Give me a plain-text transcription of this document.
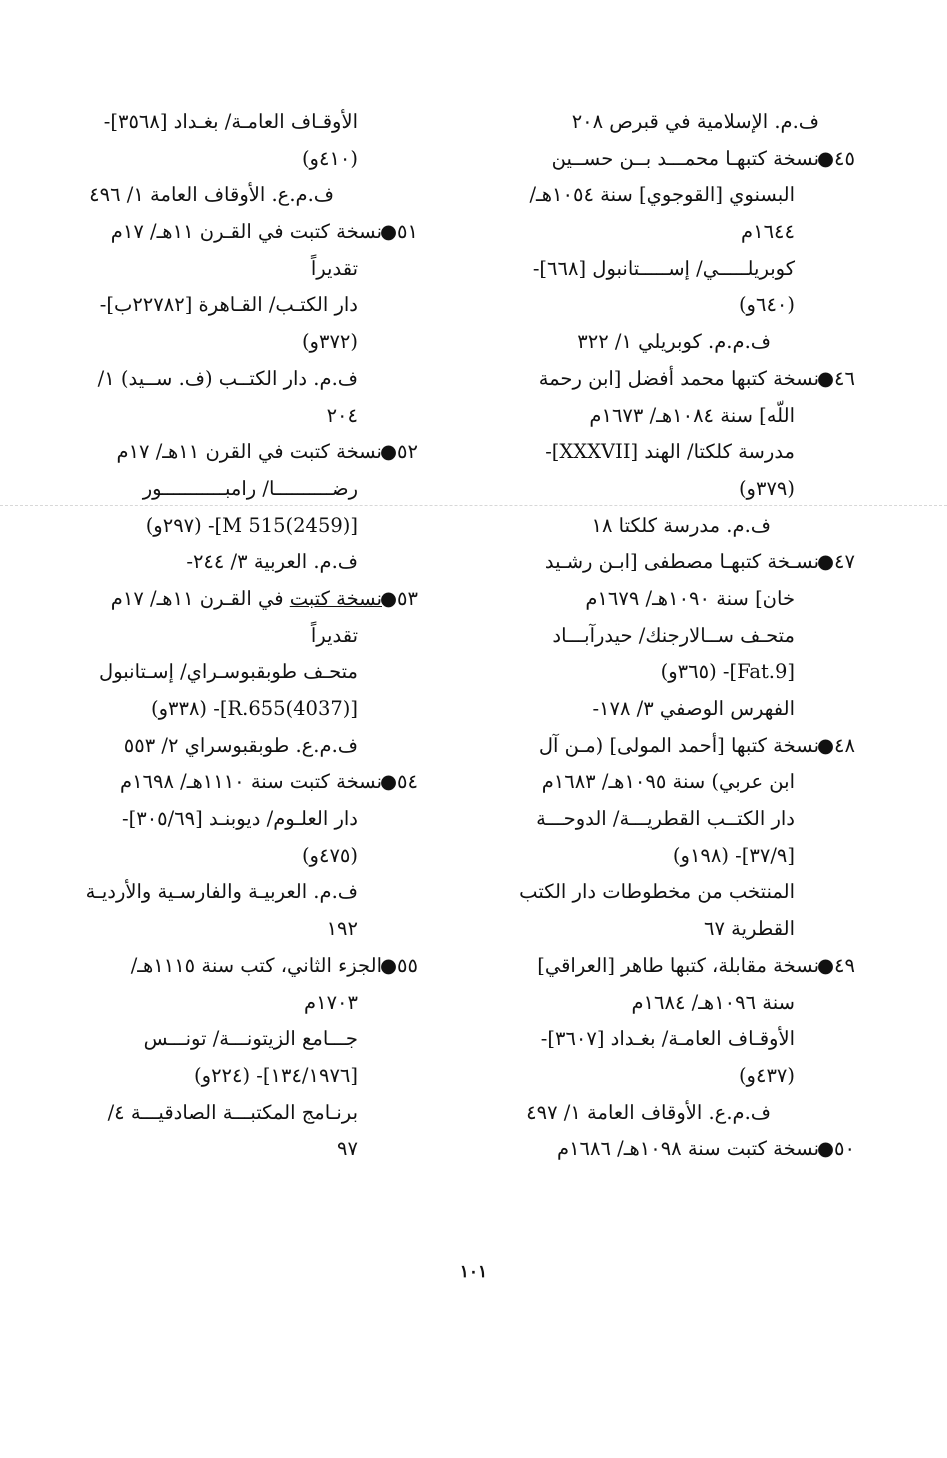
ف.م. الإسلامية في قبرص ٢٠٨
٤٥●
نسخة كتبهـا محمـــد بــن حســين
البسنوي [القوجوي] سنة ١٠٥٤هـ/
١٦٤٤م
كوبريلـــــي/ إســـــتانبول [٦٦٨]-
(٦٤٠و)
ف.م.م. كوبريلي ١/ ٣٢٢
٤٦●
نسخة كتبها محمد أفضل [ابن رحمة
اللّه] سنة ١٠٨٤هـ/ ١٦٧٣م
مدرسة كلكتا/ الهند [XXXVII]-
(٣٧٩و)
ف.م. مدرسة كلكتا ١٨
٤٧●
نسـخة كتبهـا مصطفى [ابـن رشـيد
خان] سنة ١٠٩٠هـ/ ١٦٧٩م
متحـف ســالارجنك/ حيدرآبـــاد
[Fat.9]- (٣٦٥و)
الفهرس الوصفي ٣/ ١٧٨-
٤٨●
نسخة كتبها [أحمد المولى] (مـن آل
ابن عربي) سنة ١٠٩٥هـ/ ١٦٨٣م
دار الكتــب القطريـــة/ الدوحـــة
[٣٧/٩]- (١٩٨و)
المنتخب من مخطوطات دار الكتب
القطرية ٦٧
٤٩●
نسخة مقابلة، كتبها طاهر [العراقي]
سنة ١٠٩٦هـ/ ١٦٨٤م
الأوقـاف العامـة/ بغـداد [٣٦٠٧]-
(٤٣٧و)
ف.م.ع. الأوقاف العامة ١/ ٤٩٧
٥٠●
نسخة كتبت سنة ١٠٩٨هـ/ ١٦٨٦م
الأوقـاف العامـة/ بغـداد [٣٥٦٨]-
(٤١٠و)
ف.م.ع. الأوقاف العامة ١/ ٤٩٦
٥١●
نسخة كتبت في القـرن ١١هـ/ ١٧م
تقديراً
دار الكتـب/ القـاهرة [٢٢٧٨٢ب]-
(٣٧٢و)
ف.م. دار الكتــب (ف. ســيد) ١/
٢٠٤
٥٢●
نسخة كتبت في القرن ١١هـ/ ١٧م
رضــــــــــا/ رامبـــــــــــور
[M 515(2459)]- (٢٩٧و)
ف.م. العربية ٣/ ٢٤٤-
٥٣●
نسخة كتبت في القـرن ١١هـ/ ١٧م
تقديراً
متحـف طوبقبوسـراي/ إسـتانبول
[R.655(4037)]- (٣٣٨و)
ف.م.ع. طوبقبوسراي ٢/ ٥٥٣
٥٤●
نسخة كتبت سنة ١١١٠هـ/ ١٦٩٨م
دار العلـوم/ ديوبنـد [٣٠٥/٦٩]-
(٤٧٥و)
ف.م. العربيـة والفارسـية والأرديـة
١٩٢
٥٥●
الجزء الثاني، كتب سنة ١١١٥هـ/
١٧٠٣م
جـــامع الزيتونـــة/ تونـــس
[١٣٤/١٩٧٦]- (٢٢٤و)
برنـامج المكتبـــة الصادقيـــة ٤/
٩٧
١٠١
